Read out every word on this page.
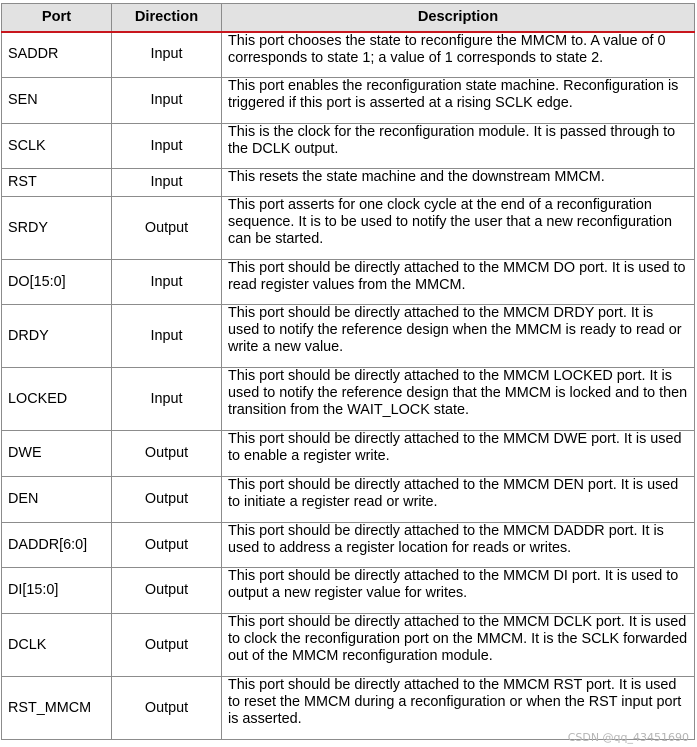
Port	Direction	Description
SADDR	Input	This port chooses the state to reconfigure the MMCM to. A value of 0 corresponds to state 1; a value of 1 corresponds to state 2.
SEN	Input	This port enables the reconfiguration state machine. Reconfiguration is triggered if this port is asserted at a rising SCLK edge.
SCLK	Input	This is the clock for the reconfiguration module. It is passed through to the DCLK output.
RST	Input	This resets the state machine and the downstream MMCM.
SRDY	Output	This port asserts for one clock cycle at the end of a reconfiguration sequence. It is to be used to notify the user that a new reconfiguration can be started.
DO[15:0]	Input	This port should be directly attached to the MMCM DO port. It is used to read register values from the MMCM.
DRDY	Input	This port should be directly attached to the MMCM DRDY port. It is used to notify the reference design when the MMCM is ready to read or write a new value.
LOCKED	Input	This port should be directly attached to the MMCM LOCKED port. It is used to notify the reference design that the MMCM is locked and to then transition from the WAIT_LOCK state.
DWE	Output	This port should be directly attached to the MMCM DWE port. It is used to enable a register write.
DEN	Output	This port should be directly attached to the MMCM DEN port. It is used to initiate a register read or write.
DADDR[6:0]	Output	This port should be directly attached to the MMCM DADDR port. It is used to address a register location for reads or writes.
DI[15:0]	Output	This port should be directly attached to the MMCM DI port. It is used to output a new register value for writes.
DCLK	Output	This port should be directly attached to the MMCM DCLK port. It is used to clock the reconfiguration port on the MMCM. It is the SCLK forwarded out of the MMCM reconfiguration module.
RST_MMCM	Output	This port should be directly attached to the MMCM RST port. It is used to reset the MMCM during a reconfiguration or when the RST input port is asserted.
CSDN @qq_43451690
